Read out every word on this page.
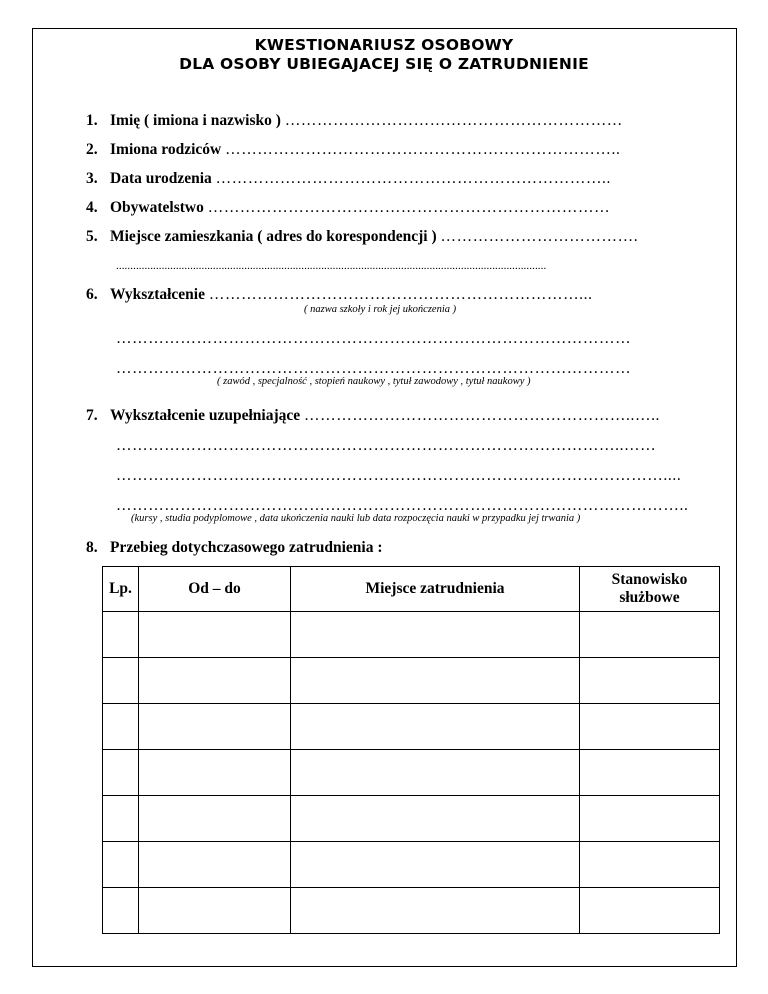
KWESTIONARIUSZ OSOBOWY
DLA OSOBY UBIEGAJACEJ SIĘ O ZATRUDNIENIE
1. Imię ( imiona i nazwisko ) ………………………………………………………
2. Imiona rodziców ………………………………………………………………..
3. Data urodzenia ………………………………………………………………..
4. Obywatelstwo …………………………………………………………………
5. Miejsce zamieszkania ( adres do korespondencji ) ……………………………….
.......................................................................................................................................................
6. Wykształcenie ……………………………………………………………...
( nazwa szkoły i rok jej ukończenia )
……………………………………………………………………………………
……………………………………………………………………………………
( zawód , specjalność , stopień naukowy , tytuł zawodowy , tytuł naukowy )
7. Wykształcenie uzupełniające ……………………………………………………..…..
…………………………………………………………………………………..……
…………………………………………………………………………………………....
……………………………………………………………………………………………..
(kursy , studia podyplomowe , data ukończenia nauki lub data rozpoczęcia nauki w przypadku jej trwania )
8. Przebieg dotychczasowego zatrudnienia :
Lp.	Od – do	Miejsce zatrudnienia	Stanowisko
służbowe
